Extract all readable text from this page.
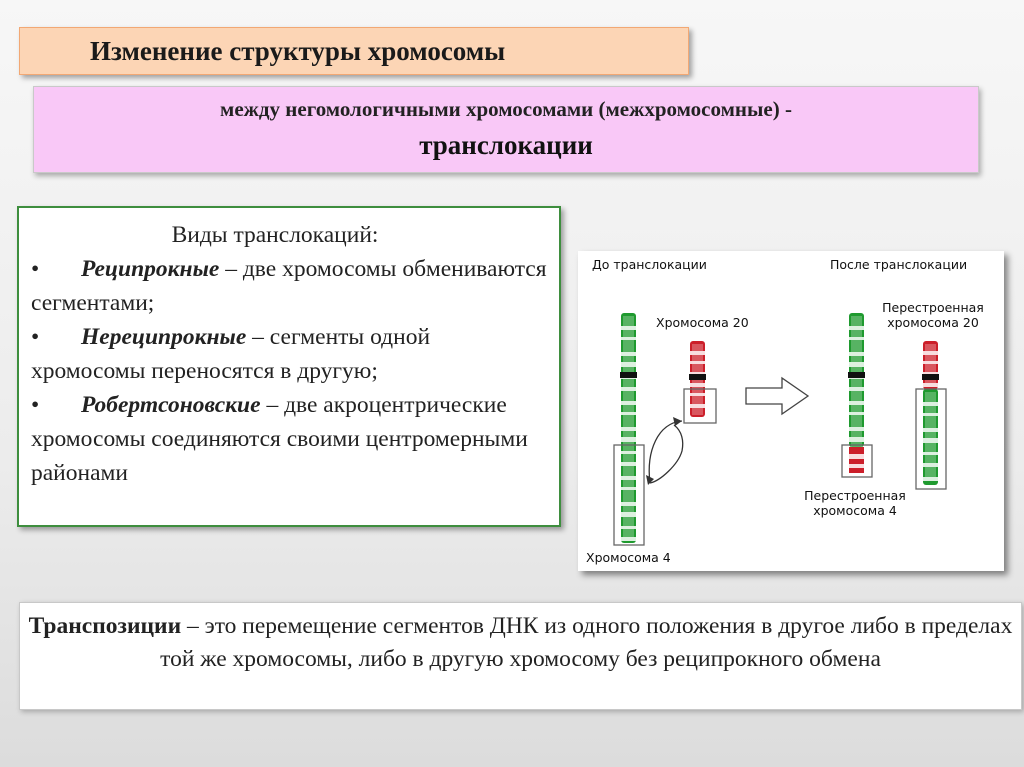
Изменение структуры хромосомы
между негомологичными хромосомами (межхромосомные) -
транслокации
Виды транслокаций:
• Реципрокные – две хромосомы обмениваются сегментами;
• Нереципрокные – сегменты одной хромосомы переносятся в другую;
• Робертсоновские – две акроцентрические хромосомы соединяются своими центромерными районами
До транслокации	После транслокации
Хромосома 20
Хромосома 4
Перестроенная
хромосома 20
Перестроенная
хромосома 4
Транспозиции – это перемещение сегментов ДНК из одного положения в другое либо в пределах той же хромосомы, либо в другую хромосому без реципрокного обмена
